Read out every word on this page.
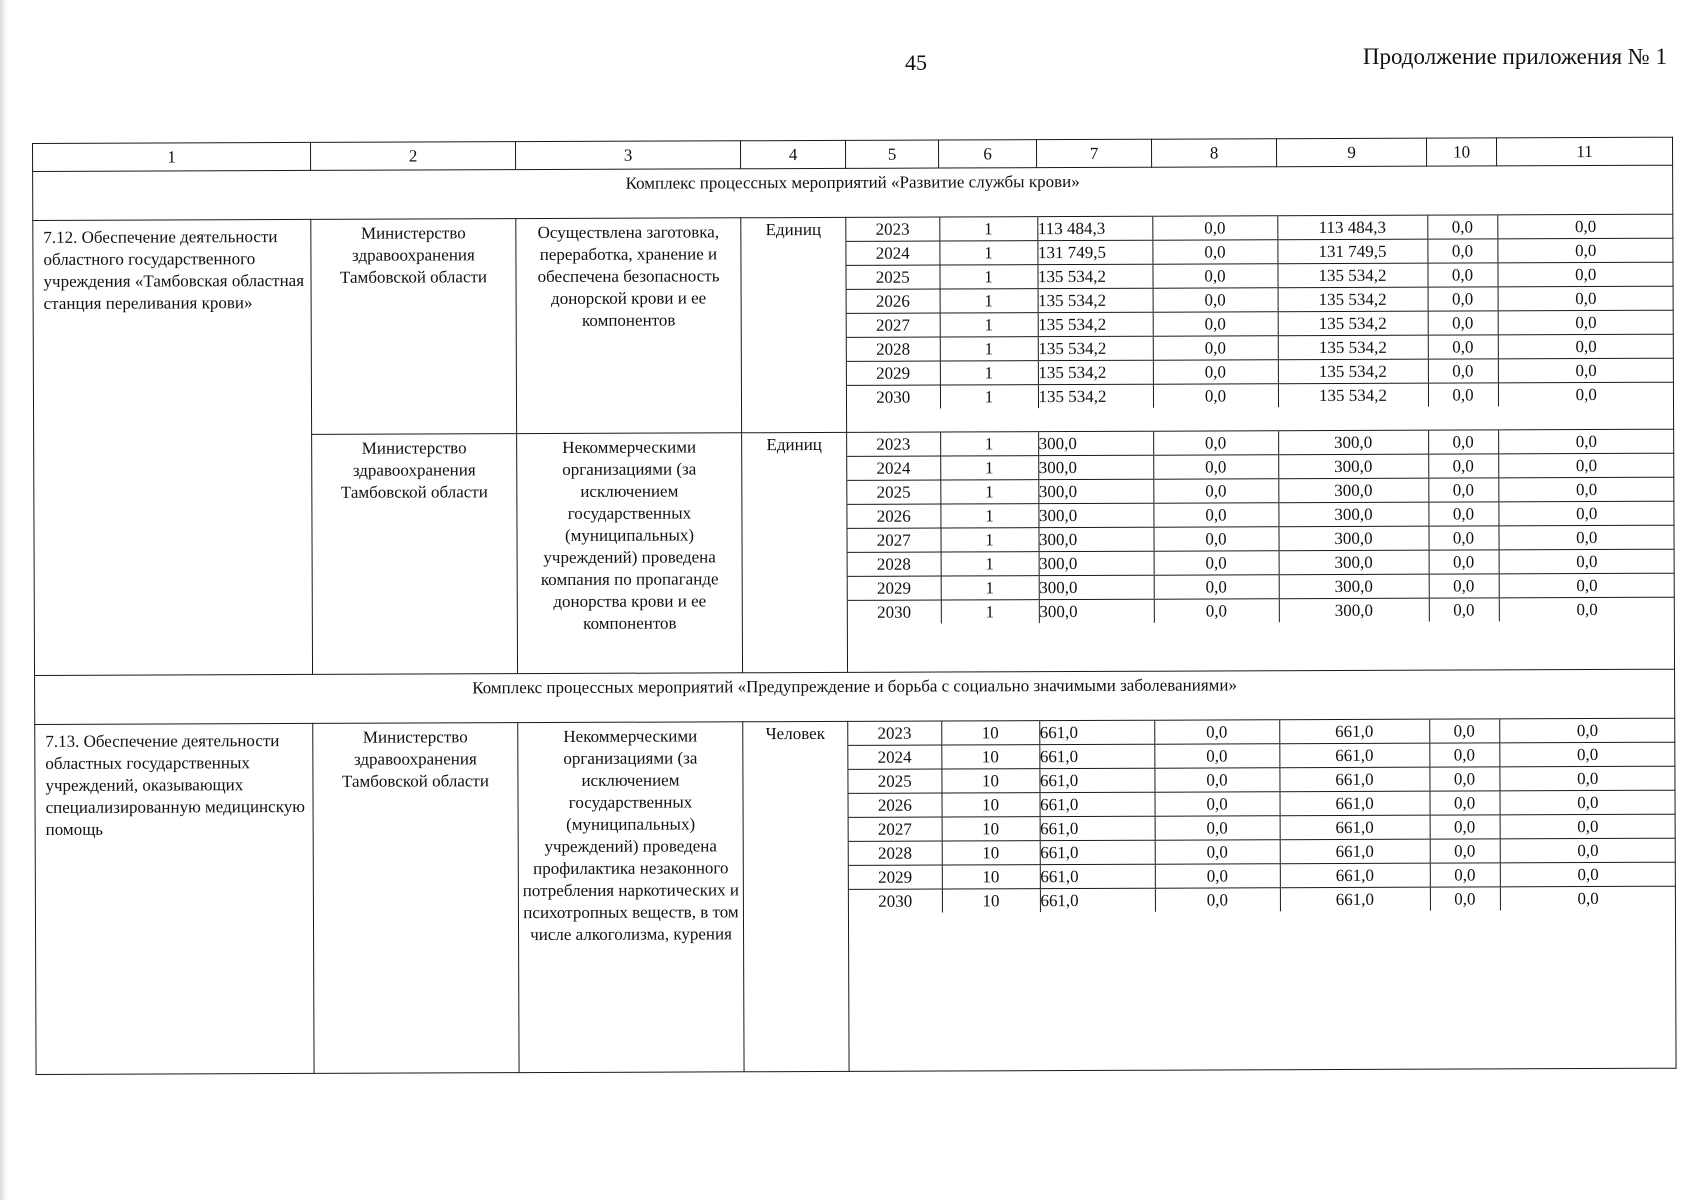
45	Продолжение приложения № 1
1	2	3	4	5	6	7	8	9	10	11
Комплекс процессных мероприятий «Развитие службы крови»
7.12. Обеспечение деятельности областного государственного учреждения «Тамбовская областная станция переливания крови»	Министерство здравоохранения Тамбовской области	Осуществлена заготовка, переработка, хранение и обеспечена безопасность донорской крови и ее компонентов	Единиц		2023	1	113 484,3	0,0	113 484,3	0,0	0,0
2024	1	131 749,5	0,0	131 749,5	0,0	0,0
2025	1	135 534,2	0,0	135 534,2	0,0	0,0
2026	1	135 534,2	0,0	135 534,2	0,0	0,0
2027	1	135 534,2	0,0	135 534,2	0,0	0,0
2028	1	135 534,2	0,0	135 534,2	0,0	0,0
2029	1	135 534,2	0,0	135 534,2	0,0	0,0
2030	1	135 534,2	0,0	135 534,2	0,0	0,0

Министерство здравоохранения Тамбовской области	Некоммерческими организациями (за исключением государственных (муниципальных) учреждений) проведена компания по пропаганде донорства крови и ее компонентов	Единиц		2023	1	300,0	0,0	300,0	0,0	0,0
2024	1	300,0	0,0	300,0	0,0	0,0
2025	1	300,0	0,0	300,0	0,0	0,0
2026	1	300,0	0,0	300,0	0,0	0,0
2027	1	300,0	0,0	300,0	0,0	0,0
2028	1	300,0	0,0	300,0	0,0	0,0
2029	1	300,0	0,0	300,0	0,0	0,0
2030	1	300,0	0,0	300,0	0,0	0,0

Комплекс процессных мероприятий «Предупреждение и борьба с социально значимыми заболеваниями»
7.13. Обеспечение деятельности областных государственных учреждений, оказывающих специализированную медицинскую помощь	Министерство здравоохранения Тамбовской области	Некоммерческими организациями (за исключением государственных (муниципальных) учреждений) проведена профилактика незаконного потребления наркотических и психотропных веществ, в том числе алкоголизма, курения	Человек		2023	10	661,0	0,0	661,0	0,0	0,0
2024	10	661,0	0,0	661,0	0,0	0,0
2025	10	661,0	0,0	661,0	0,0	0,0
2026	10	661,0	0,0	661,0	0,0	0,0
2027	10	661,0	0,0	661,0	0,0	0,0
2028	10	661,0	0,0	661,0	0,0	0,0
2029	10	661,0	0,0	661,0	0,0	0,0
2030	10	661,0	0,0	661,0	0,0	0,0
